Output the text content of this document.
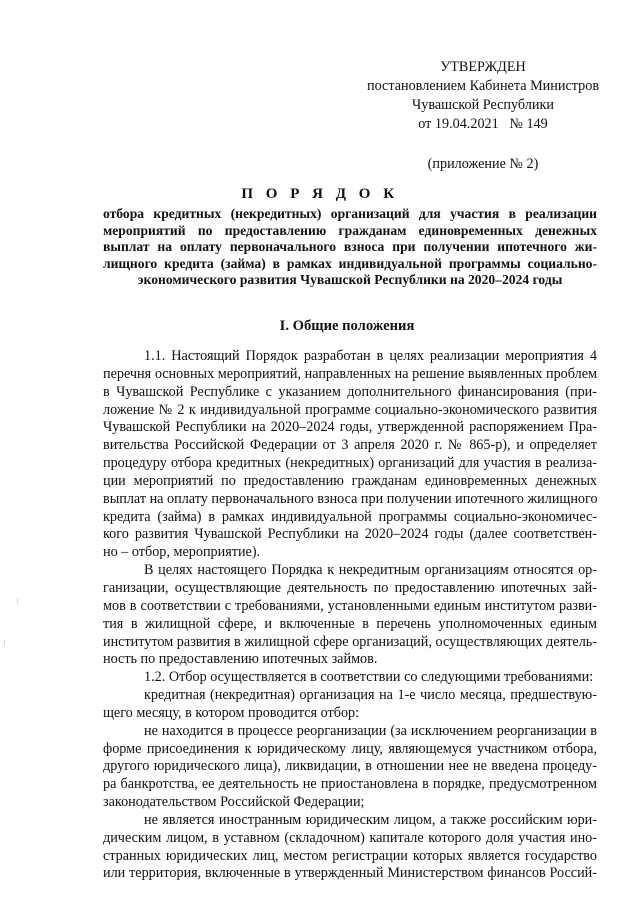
УТВЕРЖДЕН
постановлением Кабинета Министров
Чувашской Республики
от 19.04.2021   № 149
(приложение № 2)
П О Р Я Д О К
отбора кредитных (некредитных) организаций для участия в реализации
мероприятий по предоставлению гражданам единовременных денежных
выплат на оплату первоначального взноса при получении ипотечного жи-
лищного кредита (займа) в рамках индивидуальной программы социально-
экономического развития Чувашской Республики на 2020–2024 годы
I. Общие положения
1.1. Настоящий Порядок разработан в целях реализации мероприятия 4
перечня основных мероприятий, направленных на решение выявленных проблем
в Чувашской Республике с указанием дополнительного финансирования (при-
ложение № 2 к индивидуальной программе социально-экономического развития
Чувашской Республики на 2020–2024 годы, утвержденной распоряжением Пра-
вительства Российской Федерации от 3 апреля 2020 г. № 865-р), и определяет
процедуру отбора кредитных (некредитных) организаций для участия в реализа-
ции мероприятий по предоставлению гражданам единовременных денежных
выплат на оплату первоначального взноса при получении ипотечного жилищного
кредита (займа) в рамках индивидуальной программы социально-экономичес-
кого развития Чувашской Республики на 2020–2024 годы (далее соответствен-
но – отбор, мероприятие).
В целях настоящего Порядка к некредитным организациям относятся ор-
ганизации, осуществляющие деятельность по предоставлению ипотечных зай-
мов в соответствии с требованиями, установленными единым институтом разви-
тия в жилищной сфере, и включенные в перечень уполномоченных единым
институтом развития в жилищной сфере организаций, осуществляющих деятель-
ность по предоставлению ипотечных займов.
1.2. Отбор осуществляется в соответствии со следующими требованиями:
кредитная (некредитная) организация на 1-е число месяца, предшествую-
щего месяцу, в котором проводится отбор:
не находится в процессе реорганизации (за исключением реорганизации в
форме присоединения к юридическому лицу, являющемуся участником отбора,
другого юридического лица), ликвидации, в отношении нее не введена процеду-
ра банкротства, ее деятельность не приостановлена в порядке, предусмотренном
законодательством Российской Федерации;
не является иностранным юридическим лицом, а также российским юри-
дическим лицом, в уставном (складочном) капитале которого доля участия ино-
странных юридических лиц, местом регистрации которых является государство
или территория, включенные в утвержденный Министерством финансов Россий-
